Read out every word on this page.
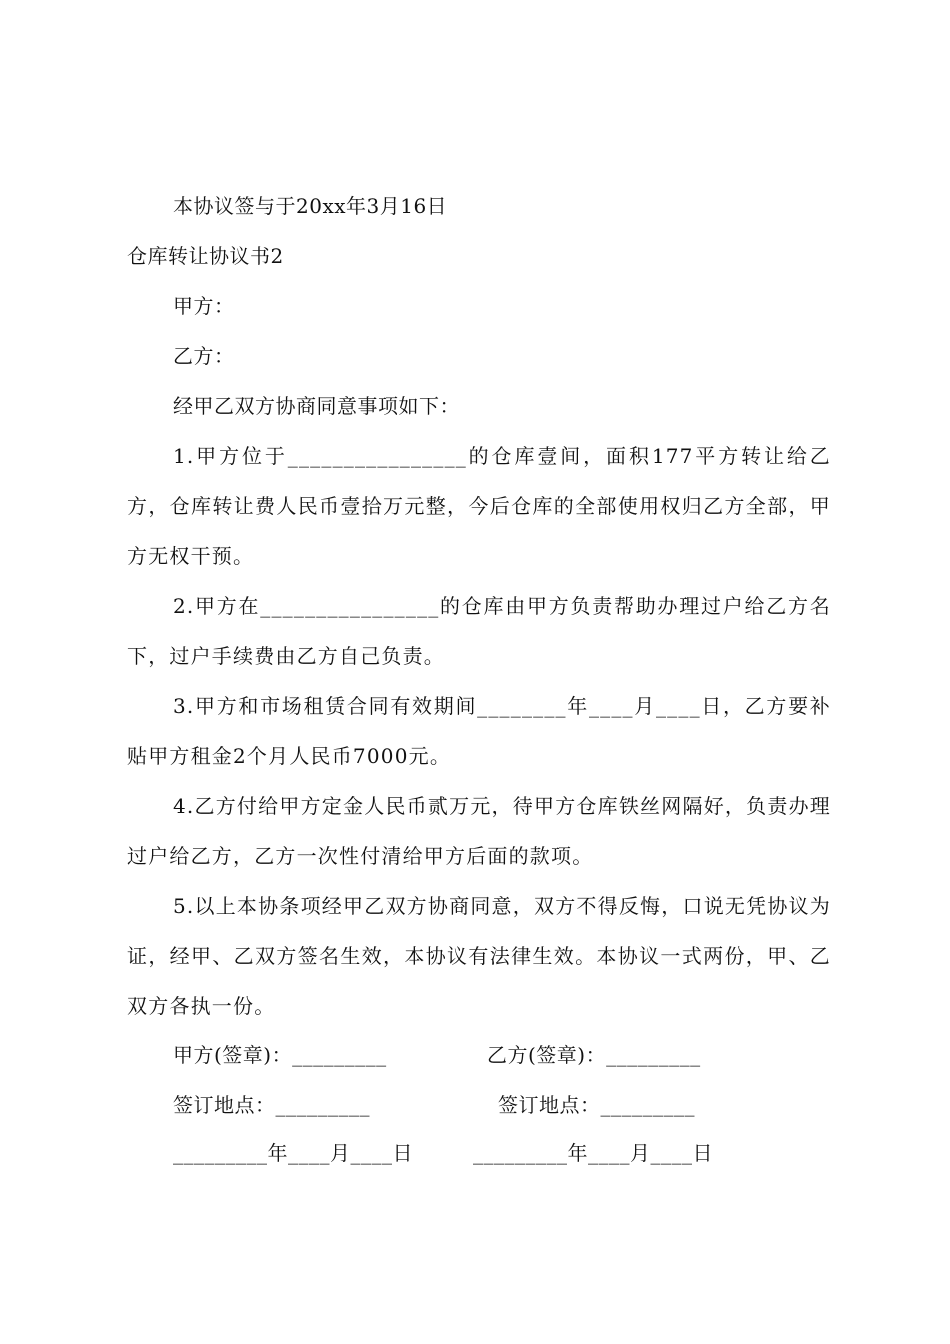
本协议签与于20xx年3月16日
仓库转让协议书2
甲方：
乙方：
经甲乙双方协商同意事项如下：
1.甲方位于________________的仓库壹间，面积177平方转让给乙方，仓库转让费人民币壹拾万元整，今后仓库的全部使用权归乙方全部，甲方无权干预。
2.甲方在________________的仓库由甲方负责帮助办理过户给乙方名下，过户手续费由乙方自己负责。
3.甲方和市场租赁合同有效期间________年____月____日，乙方要补贴甲方租金2个月人民币7000元。
4.乙方付给甲方定金人民币贰万元，待甲方仓库铁丝网隔好，负责办理过户给乙方，乙方一次性付清给甲方后面的款项。
5.以上本协条项经甲乙双方协商同意，双方不得反悔，口说无凭协议为证，经甲、乙双方签名生效，本协议有法律生效。本协议一式两份，甲、乙双方各执一份。
甲方(签章)：_________	乙方(签章)：_________
签订地点：_________	签订地点：_________
_________年____月____日	_________年____月____日
